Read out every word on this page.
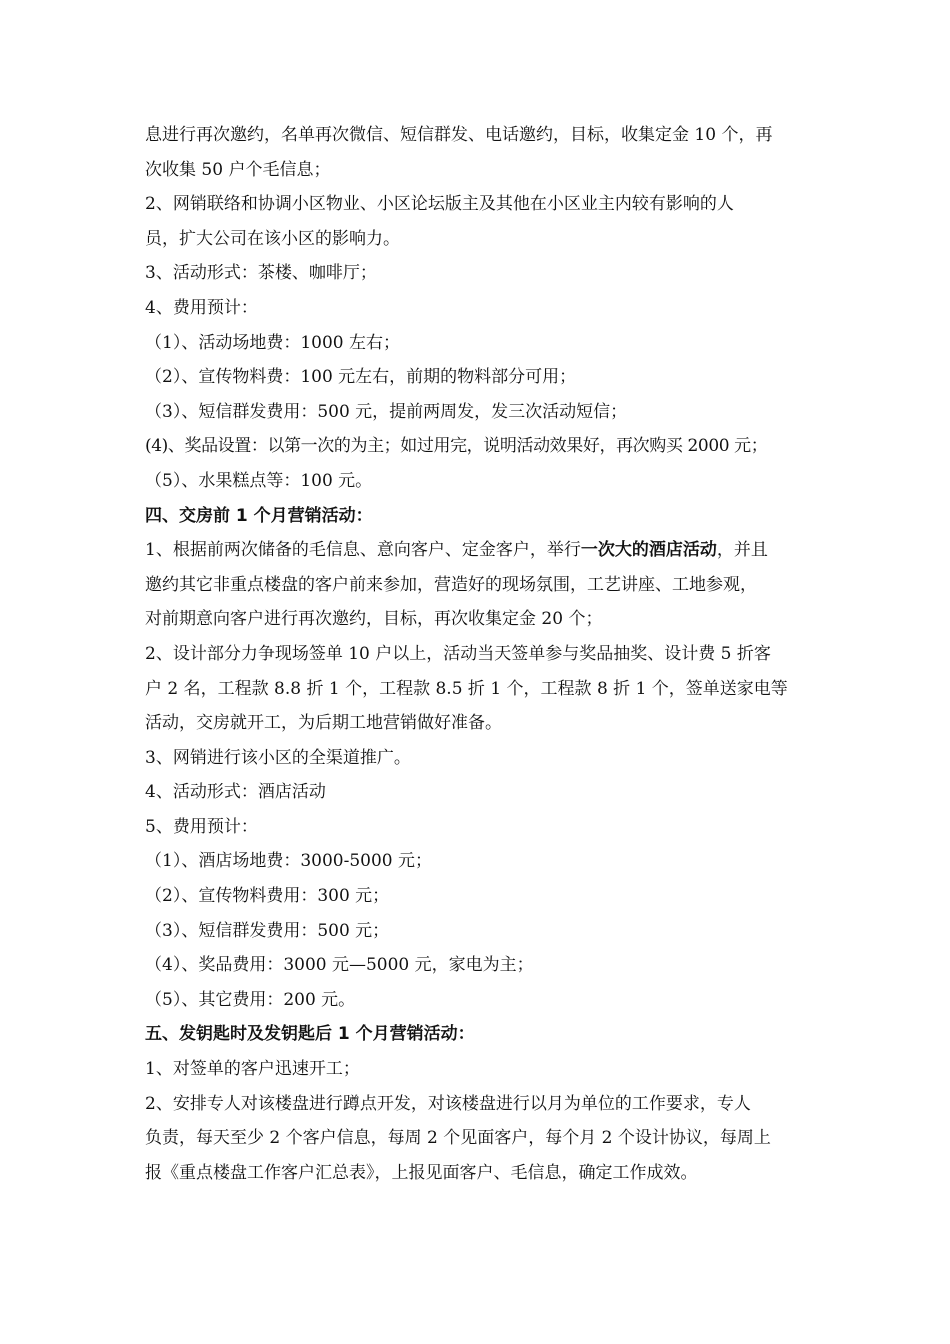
息进行再次邀约，名单再次微信、短信群发、电话邀约，目标，收集定金 10 个，再
次收集 50 户个毛信息；
2、网销联络和协调小区物业、小区论坛版主及其他在小区业主内较有影响的人
员，扩大公司在该小区的影响力。
3、活动形式：茶楼、咖啡厅；
4、费用预计：
（1）、活动场地费：1000 左右；
（2）、宣传物料费：100 元左右，前期的物料部分可用；
（3）、短信群发费用：500 元，提前两周发，发三次活动短信；
(4)、奖品设置：以第一次的为主；如过用完，说明活动效果好，再次购买 2000 元；
（5）、水果糕点等：100 元。
四、交房前 1 个月营销活动：
1、根据前两次储备的毛信息、意向客户、定金客户，举行一次大的酒店活动，并且
邀约其它非重点楼盘的客户前来参加，营造好的现场氛围，工艺讲座、工地参观，
对前期意向客户进行再次邀约，目标，再次收集定金 20 个；
2、设计部分力争现场签单 10 户以上，活动当天签单参与奖品抽奖、设计费 5 折客
户 2 名，工程款 8.8 折 1 个，工程款 8.5 折 1 个，工程款 8 折 1 个，签单送家电等
活动，交房就开工，为后期工地营销做好准备。
3、网销进行该小区的全渠道推广。
4、活动形式：酒店活动
5、费用预计：
（1）、酒店场地费：3000-5000 元；
（2）、宣传物料费用：300 元；
（3）、短信群发费用：500 元；
（4）、奖品费用：3000 元—5000 元，家电为主；
（5）、其它费用：200 元。
五、发钥匙时及发钥匙后 1 个月营销活动：
1、对签单的客户迅速开工；
2、安排专人对该楼盘进行蹲点开发，对该楼盘进行以月为单位的工作要求，专人
负责，每天至少 2 个客户信息，每周 2 个见面客户，每个月 2 个设计协议，每周上
报《重点楼盘工作客户汇总表》，上报见面客户、毛信息，确定工作成效。
